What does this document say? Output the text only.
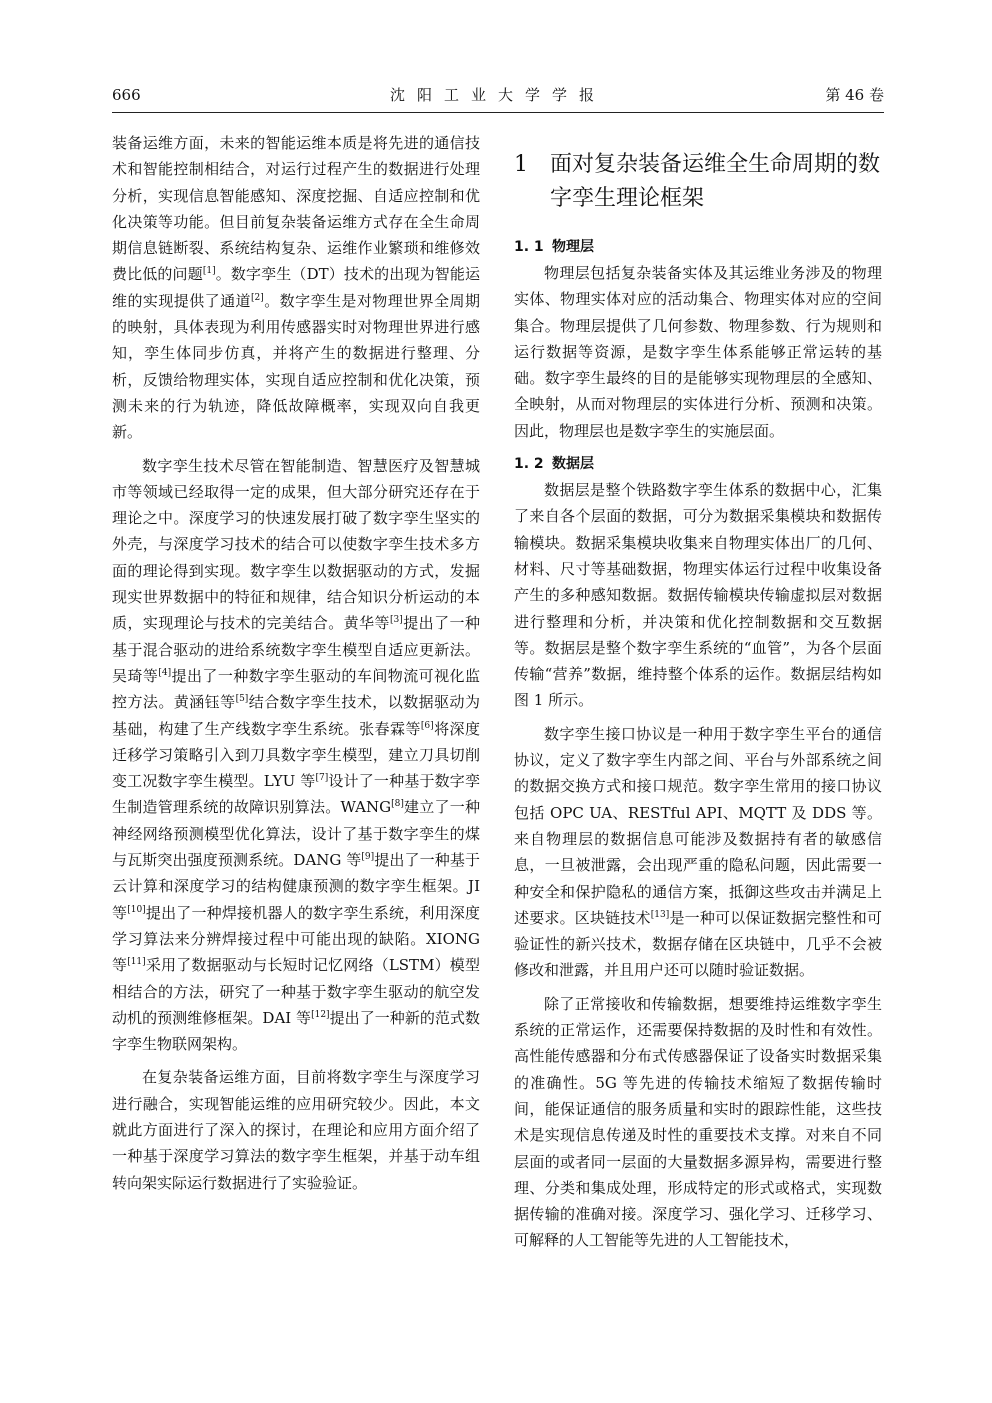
666	沈阳工业大学学报	第 46 卷

装备运维方面，未来的智能运维本质是将先进的通信技术和智能控制相结合，对运行过程产生的数据进行处理分析，实现信息智能感知、深度挖掘、自适应控制和优化决策等功能。但目前复杂装备运维方式存在全生命周期信息链断裂、系统结构复杂、运维作业繁琐和维修效费比低的问题[1]。数字孪生（DT）技术的出现为智能运维的实现提供了通道[2]。数字孪生是对物理世界全周期的映射，具体表现为利用传感器实时对物理世界进行感知，孪生体同步仿真，并将产生的数据进行整理、分析，反馈给物理实体，实现自适应控制和优化决策，预测未来的行为轨迹，降低故障概率，实现双向自我更新。

数字孪生技术尽管在智能制造、智慧医疗及智慧城市等领域已经取得一定的成果，但大部分研究还存在于理论之中。深度学习的快速发展打破了数字孪生坚实的外壳，与深度学习技术的结合可以使数字孪生技术多方面的理论得到实现。数字孪生以数据驱动的方式，发掘现实世界数据中的特征和规律，结合知识分析运动的本质，实现理论与技术的完美结合。黄华等[3]提出了一种基于混合驱动的进给系统数字孪生模型自适应更新法。吴琦等[4]提出了一种数字孪生驱动的车间物流可视化监控方法。黄涵钰等[5]结合数字孪生技术，以数据驱动为基础，构建了生产线数字孪生系统。张春霖等[6]将深度迁移学习策略引入到刀具数字孪生模型，建立刀具切削变工况数字孪生模型。LYU 等[7]设计了一种基于数字孪生制造管理系统的故障识别算法。WANG[8]建立了一种神经网络预测模型优化算法，设计了基于数字孪生的煤与瓦斯突出强度预测系统。DANG 等[9]提出了一种基于云计算和深度学习的结构健康预测的数字孪生框架。JI 等[10]提出了一种焊接机器人的数字孪生系统，利用深度学习算法来分辨焊接过程中可能出现的缺陷。XIONG 等[11]采用了数据驱动与长短时记忆网络（LSTM）模型相结合的方法，研究了一种基于数字孪生驱动的航空发动机的预测维修框架。DAI 等[12]提出了一种新的范式数字孪生物联网架构。

在复杂装备运维方面，目前将数字孪生与深度学习进行融合，实现智能运维的应用研究较少。因此，本文就此方面进行了深入的探讨，在理论和应用方面介绍了一种基于深度学习算法的数字孪生框架，并基于动车组转向架实际运行数据进行了实验验证。

1	面对复杂装备运维全生命周期的数字孪生理论框架
1. 1 物理层

物理层包括复杂装备实体及其运维业务涉及的物理实体、物理实体对应的活动集合、物理实体对应的空间集合。物理层提供了几何参数、物理参数、行为规则和运行数据等资源，是数字孪生体系能够正常运转的基础。数字孪生最终的目的是能够实现物理层的全感知、全映射，从而对物理层的实体进行分析、预测和决策。因此，物理层也是数字孪生的实施层面。

1. 2 数据层

数据层是整个铁路数字孪生体系的数据中心，汇集了来自各个层面的数据，可分为数据采集模块和数据传输模块。数据采集模块收集来自物理实体出厂的几何、材料、尺寸等基础数据，物理实体运行过程中收集设备产生的多种感知数据。数据传输模块传输虚拟层对数据进行整理和分析，并决策和优化控制数据和交互数据等。数据层是整个数字孪生系统的“血管”，为各个层面传输“营养”数据，维持整个体系的运作。数据层结构如图 1 所示。

数字孪生接口协议是一种用于数字孪生平台的通信协议，定义了数字孪生内部之间、平台与外部系统之间的数据交换方式和接口规范。数字孪生常用的接口协议包括 OPC UA、RESTful API、MQTT 及 DDS 等。来自物理层的数据信息可能涉及数据持有者的敏感信息，一旦被泄露，会出现严重的隐私问题，因此需要一种安全和保护隐私的通信方案，抵御这些攻击并满足上述要求。区块链技术[13]是一种可以保证数据完整性和可验证性的新兴技术，数据存储在区块链中，几乎不会被修改和泄露，并且用户还可以随时验证数据。

除了正常接收和传输数据，想要维持运维数字孪生系统的正常运作，还需要保持数据的及时性和有效性。高性能传感器和分布式传感器保证了设备实时数据采集的准确性。5G 等先进的传输技术缩短了数据传输时间，能保证通信的服务质量和实时的跟踪性能，这些技术是实现信息传递及时性的重要技术支撑。对来自不同层面的或者同一层面的大量数据多源异构，需要进行整理、分类和集成处理，形成特定的形式或格式，实现数据传输的准确对接。深度学习、强化学习、迁移学习、可解释的人工智能等先进的人工智能技术，
